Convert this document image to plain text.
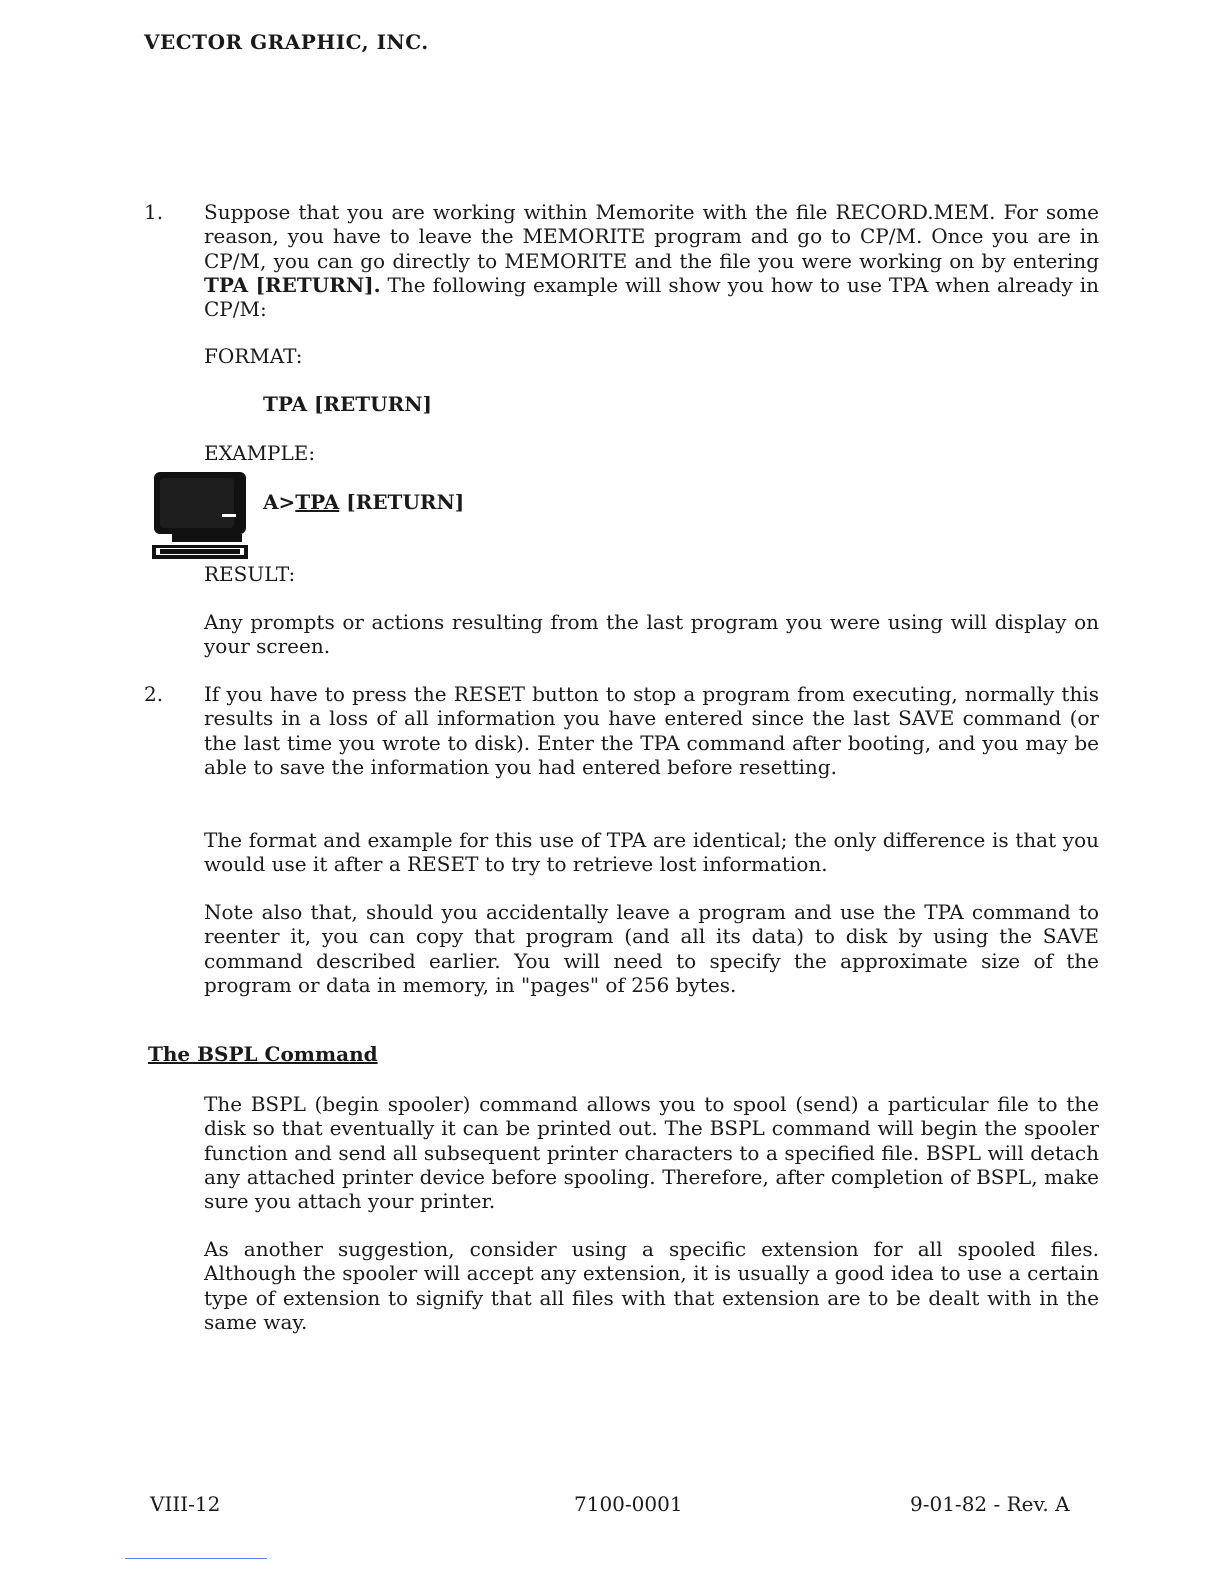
VECTOR GRAPHIC, INC.
1. Suppose that you are working within Memorite with the file RECORD.MEM. For some reason, you have to leave the MEMORITE program and go to CP/M. Once you are in CP/M, you can go directly to MEMORITE and the file you were working on by entering TPA [RETURN]. The following example will show you how to use TPA when already in CP/M:
FORMAT:
TPA [RETURN]
EXAMPLE:
A>TPA [RETURN]
RESULT:
Any prompts or actions resulting from the last program you were using will display on your screen.
2. If you have to press the RESET button to stop a program from executing, normally this results in a loss of all information you have entered since the last SAVE command (or the last time you wrote to disk). Enter the TPA command after booting, and you may be able to save the information you had entered before resetting.
The format and example for this use of TPA are identical; the only difference is that you would use it after a RESET to try to retrieve lost information.
Note also that, should you accidentally leave a program and use the TPA command to reenter it, you can copy that program (and all its data) to disk by using the SAVE command described earlier. You will need to specify the approximate size of the program or data in memory, in "pages" of 256 bytes.
The BSPL Command
The BSPL (begin spooler) command allows you to spool (send) a particular file to the disk so that eventually it can be printed out. The BSPL command will begin the spooler function and send all subsequent printer characters to a specified file. BSPL will detach any attached printer device before spooling. Therefore, after completion of BSPL, make sure you attach your printer.
As another suggestion, consider using a specific extension for all spooled files. Although the spooler will accept any extension, it is usually a good idea to use a certain type of extension to signify that all files with that extension are to be dealt with in the same way.
VIII-12	7100-0001	9-01-82 - Rev. A
